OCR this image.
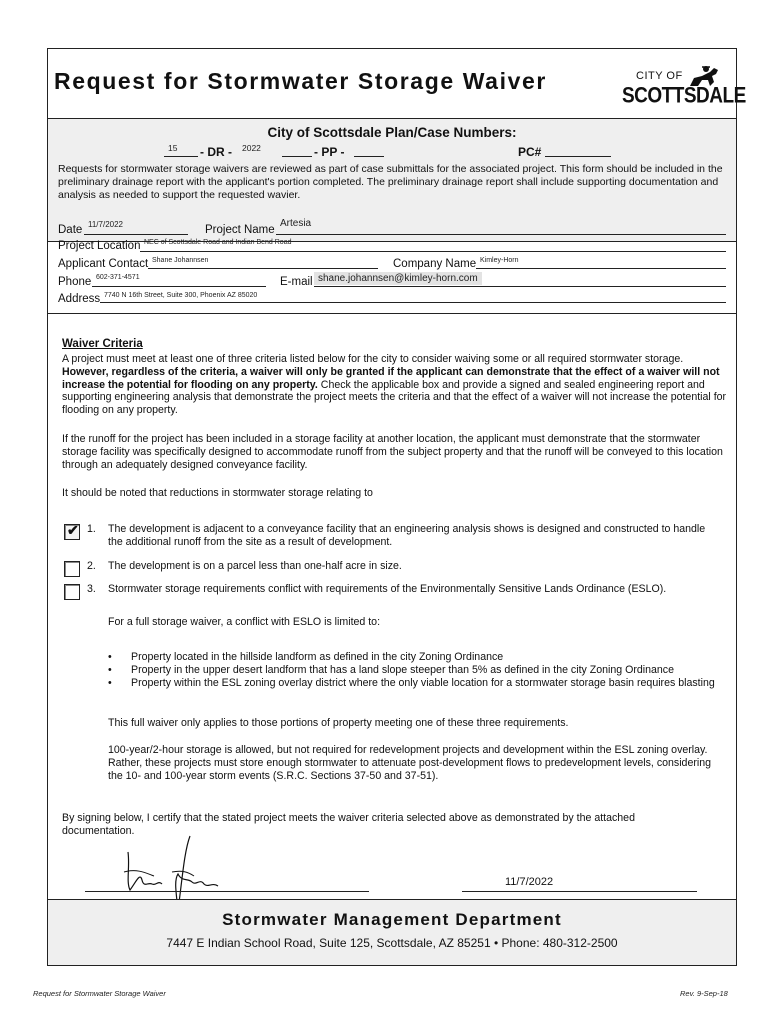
Request for Stormwater Storage Waiver	CITY OF
SCOTTSDALE
City of Scottsdale Plan/Case Numbers:
15 - DR - 2022	- PP -	PC#
Requests for stormwater storage waivers are reviewed as part of case submittals for the associated project. This form should be included in the preliminary drainage report with the applicant's portion completed. The preliminary drainage report shall include supporting documentation and analysis as needed to support the requested wavier.
Date 11/7/2022	Project Name
Artesia
Project Location NEC of Scottsdale Road and Indian Bend Road
Applicant Contact Shane Johannsen	Company Name Kimley-Horn
Phone 602-371-4571	E-mail shane.johannsen@kimley-horn.com
Address 7740 N 16th Street, Suite 300, Phoenix AZ 85020
Waiver Criteria
A project must meet at least one of three criteria listed below for the city to consider waiving some or all required stormwater storage. However, regardless of the criteria, a waiver will only be granted if the applicant can demonstrate that the effect of a waiver will not increase the potential for flooding on any property. Check the applicable box and provide a signed and sealed engineering report and supporting engineering analysis that demonstrate the project meets the criteria and that the effect of a waiver will not increase the potential for flooding on any property.
If the runoff for the project has been included in a storage facility at another location, the applicant must demonstrate that the stormwater storage facility was specifically designed to accommodate runoff from the subject property and that the runoff will be conveyed to this location through an adequately designed conveyance facility.
It should be noted that reductions in stormwater storage relating to
✔ 1. The development is adjacent to a conveyance facility that an engineering analysis shows is designed and constructed to handle the additional runoff from the site as a result of development.
2. The development is on a parcel less than one-half acre in size.
3. Stormwater storage requirements conflict with requirements of the Environmentally Sensitive Lands Ordinance (ESLO).
For a full storage waiver, a conflict with ESLO is limited to:
• Property located in the hillside landform as defined in the city Zoning Ordinance
• Property in the upper desert landform that has a land slope steeper than 5% as defined in the city Zoning Ordinance
• Property within the ESL zoning overlay district where the only viable location for a stormwater storage basin requires blasting
This full waiver only applies to those portions of property meeting one of these three requirements.
100-year/2-hour storage is allowed, but not required for redevelopment projects and development within the ESL zoning overlay. Rather, these projects must store enough stormwater to attenuate post-development flows to predevelopment levels, considering the 10- and 100-year storm events (S.R.C. Sections 37-50 and 37-51).
By signing below, I certify that the stated project meets the waiver criteria selected above as demonstrated by the attached documentation.
11/7/2022
Stormwater Management Department
7447 E Indian School Road, Suite 125, Scottsdale, AZ 85251 • Phone: 480-312-2500
Request for Stormwater Storage Waiver	Rev. 9-Sep-18
